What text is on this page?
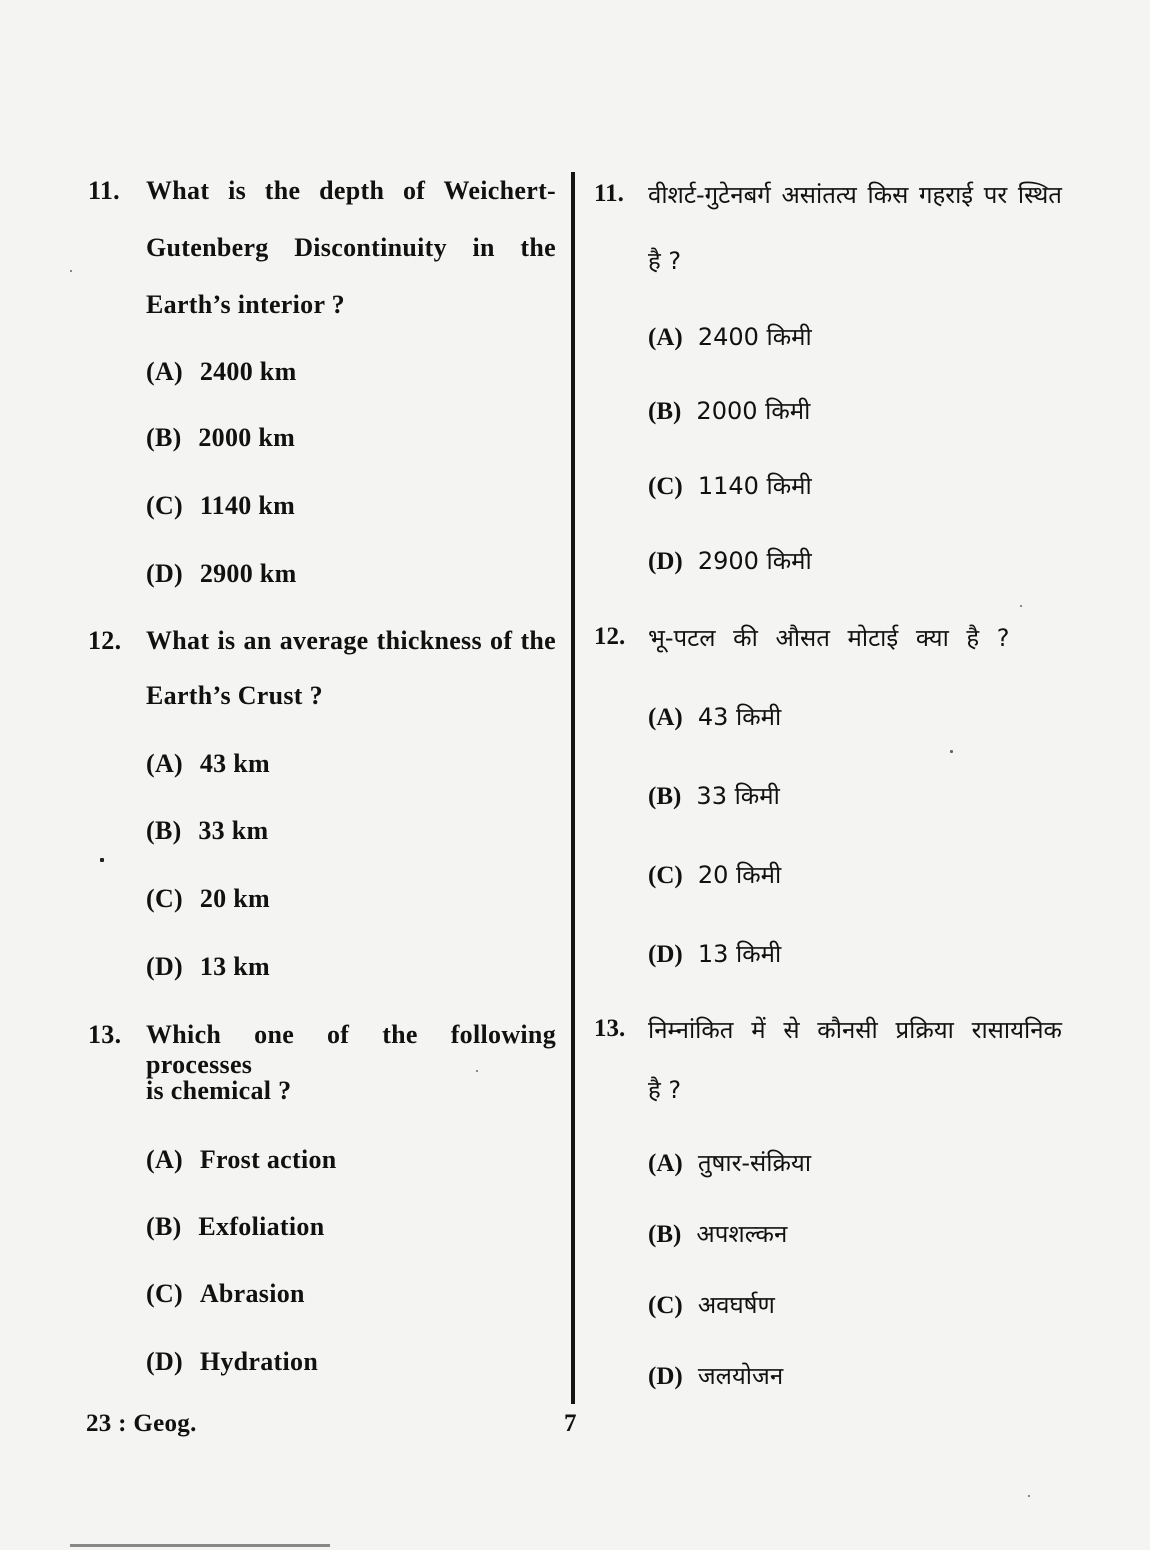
11. What is the depth of Weichert-
Gutenberg Discontinuity in the
Earth’s interior ?
(A) 2400 km
(B) 2000 km
(C) 1140 km
(D) 2900 km
12. What is an average thickness of the
Earth’s Crust ?
(A) 43 km
(B) 33 km
(C) 20 km
(D) 13 km
13. Which one of the following processes
is chemical ?
(A) Frost action
(B) Exfoliation
(C) Abrasion
(D) Hydration
11. वीशर्ट-गुटेनबर्ग असांतत्य किस गहराई पर स्थित
है ?
(A) 2400 किमी
(B) 2000 किमी
(C) 1140 किमी
(D) 2900 किमी
12. भू-पटल की औसत मोटाई क्या है ?
(A) 43 किमी
(B) 33 किमी
(C) 20 किमी
(D) 13 किमी
13. निम्नांकित में से कौनसी प्रक्रिया रासायनिक
है ?
(A) तुषार-संक्रिया
(B) अपशल्कन
(C) अवघर्षण
(D) जलयोजन
23 : Geog.	7
